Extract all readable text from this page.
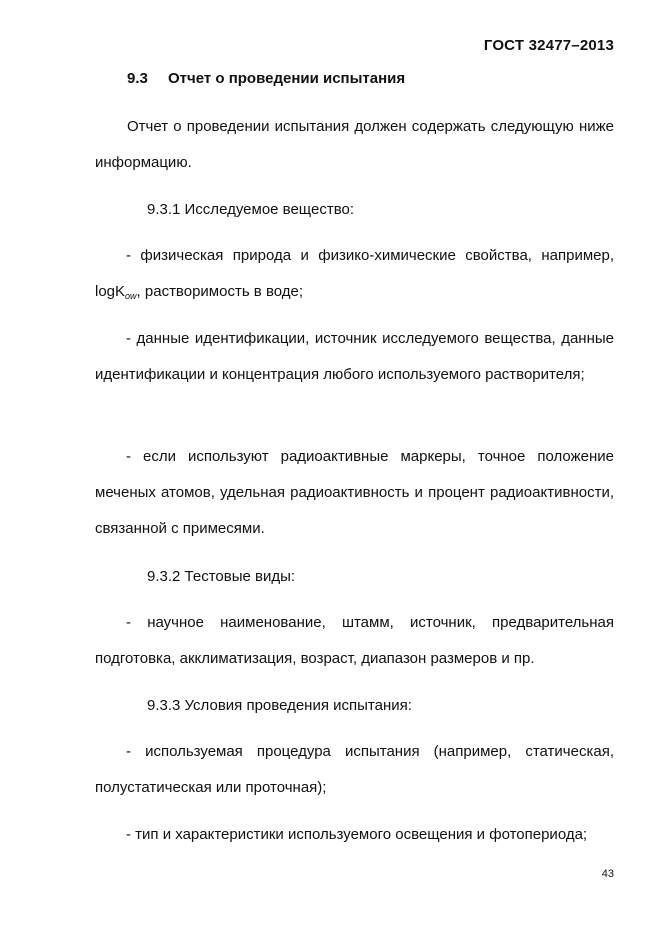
ГОСТ 32477–2013
9.3 Отчет о проведении испытания

Отчет о проведении испытания должен содержать следующую ниже информацию.

9.3.1 Исследуемое вещество:

- физическая природа и физико-химические свойства, например, logK$_{ow}$, растворимость в воде;

- данные идентификации, источник исследуемого вещества, данные идентификации и концентрация любого используемого растворителя;

- если используют радиоактивные маркеры, точное положение меченых атомов, удельная радиоактивность и процент радиоактивности, связанной с примесями.

9.3.2 Тестовые виды:

- научное наименование, штамм, источник, предварительная подготовка, акклиматизация, возраст, диапазон размеров и пр.

9.3.3 Условия проведения испытания:

- используемая процедура испытания (например, статическая, полустатическая или проточная);

- тип и характеристики используемого освещения и фотопериода;

43
